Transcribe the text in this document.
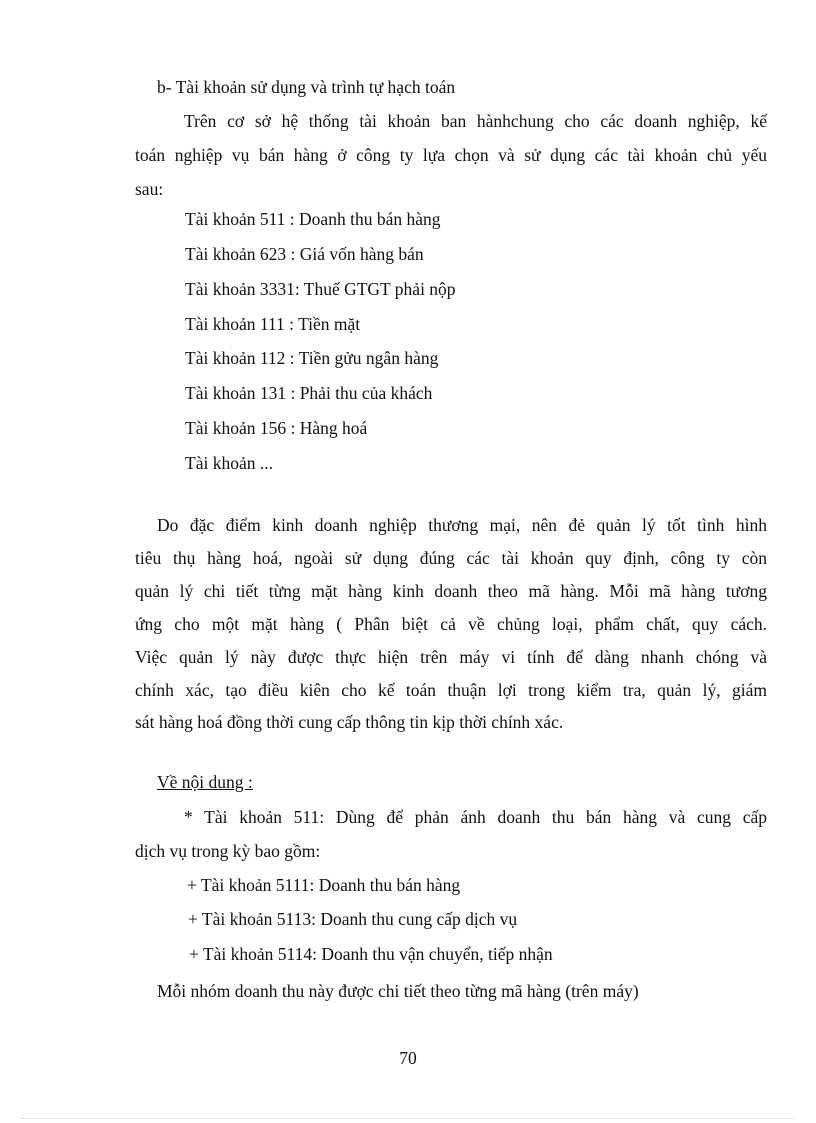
b- Tài khoản sử dụng và trình tự hạch toán
Trên cơ sở hệ thống tài khoản ban hànhchung cho các doanh nghiệp, kế
toán nghiệp vụ bán hàng ở công ty lựa chọn và sử dụng các tài khoản chủ yếu
sau:
Tài khoản 511 : Doanh thu bán hàng
Tài khoản 623 : Giá vốn hàng bán
Tài khoản 3331: Thuế GTGT phải nộp
Tài khoản 111 : Tiền mặt
Tài khoản 112 : Tiền gửu ngân hàng
Tài khoản 131 : Phải thu của khách
Tài khoản 156 : Hàng hoá
Tài khoản ...
Do đặc điểm kinh doanh nghiệp thương mại, nên đẻ quản lý tốt tình hình
tiêu thụ hàng hoá, ngoài sử dụng đúng các tài khoản quy định, công ty còn
quản lý chi tiết từng mặt hàng kinh doanh theo mã hàng. Mỗi mã hàng tương
ứng cho một mặt hàng ( Phân biệt cả về chủng loại, phẩm chất, quy cách.
Việc quản lý này được thực hiện trên máy vi tính để dàng nhanh chóng và
chính xác, tạo điều kiên cho kế toán thuận lợi trong kiểm tra, quản lý, giám
sát hàng hoá đồng thời cung cấp thông tin kịp thời chính xác.
Về nội dung :
* Tài khoản 511: Dùng để phản ánh doanh thu bán hàng và cung cấp
dịch vụ trong kỳ bao gồm:
+ Tài khoản 5111: Doanh thu bán hàng
+ Tài khoản 5113: Doanh thu cung cấp dịch vụ
+ Tài khoản 5114: Doanh thu vận chuyển, tiếp nhận
Mỗi nhóm doanh thu này được chi tiết theo từng mã hàng (trên máy)
70
